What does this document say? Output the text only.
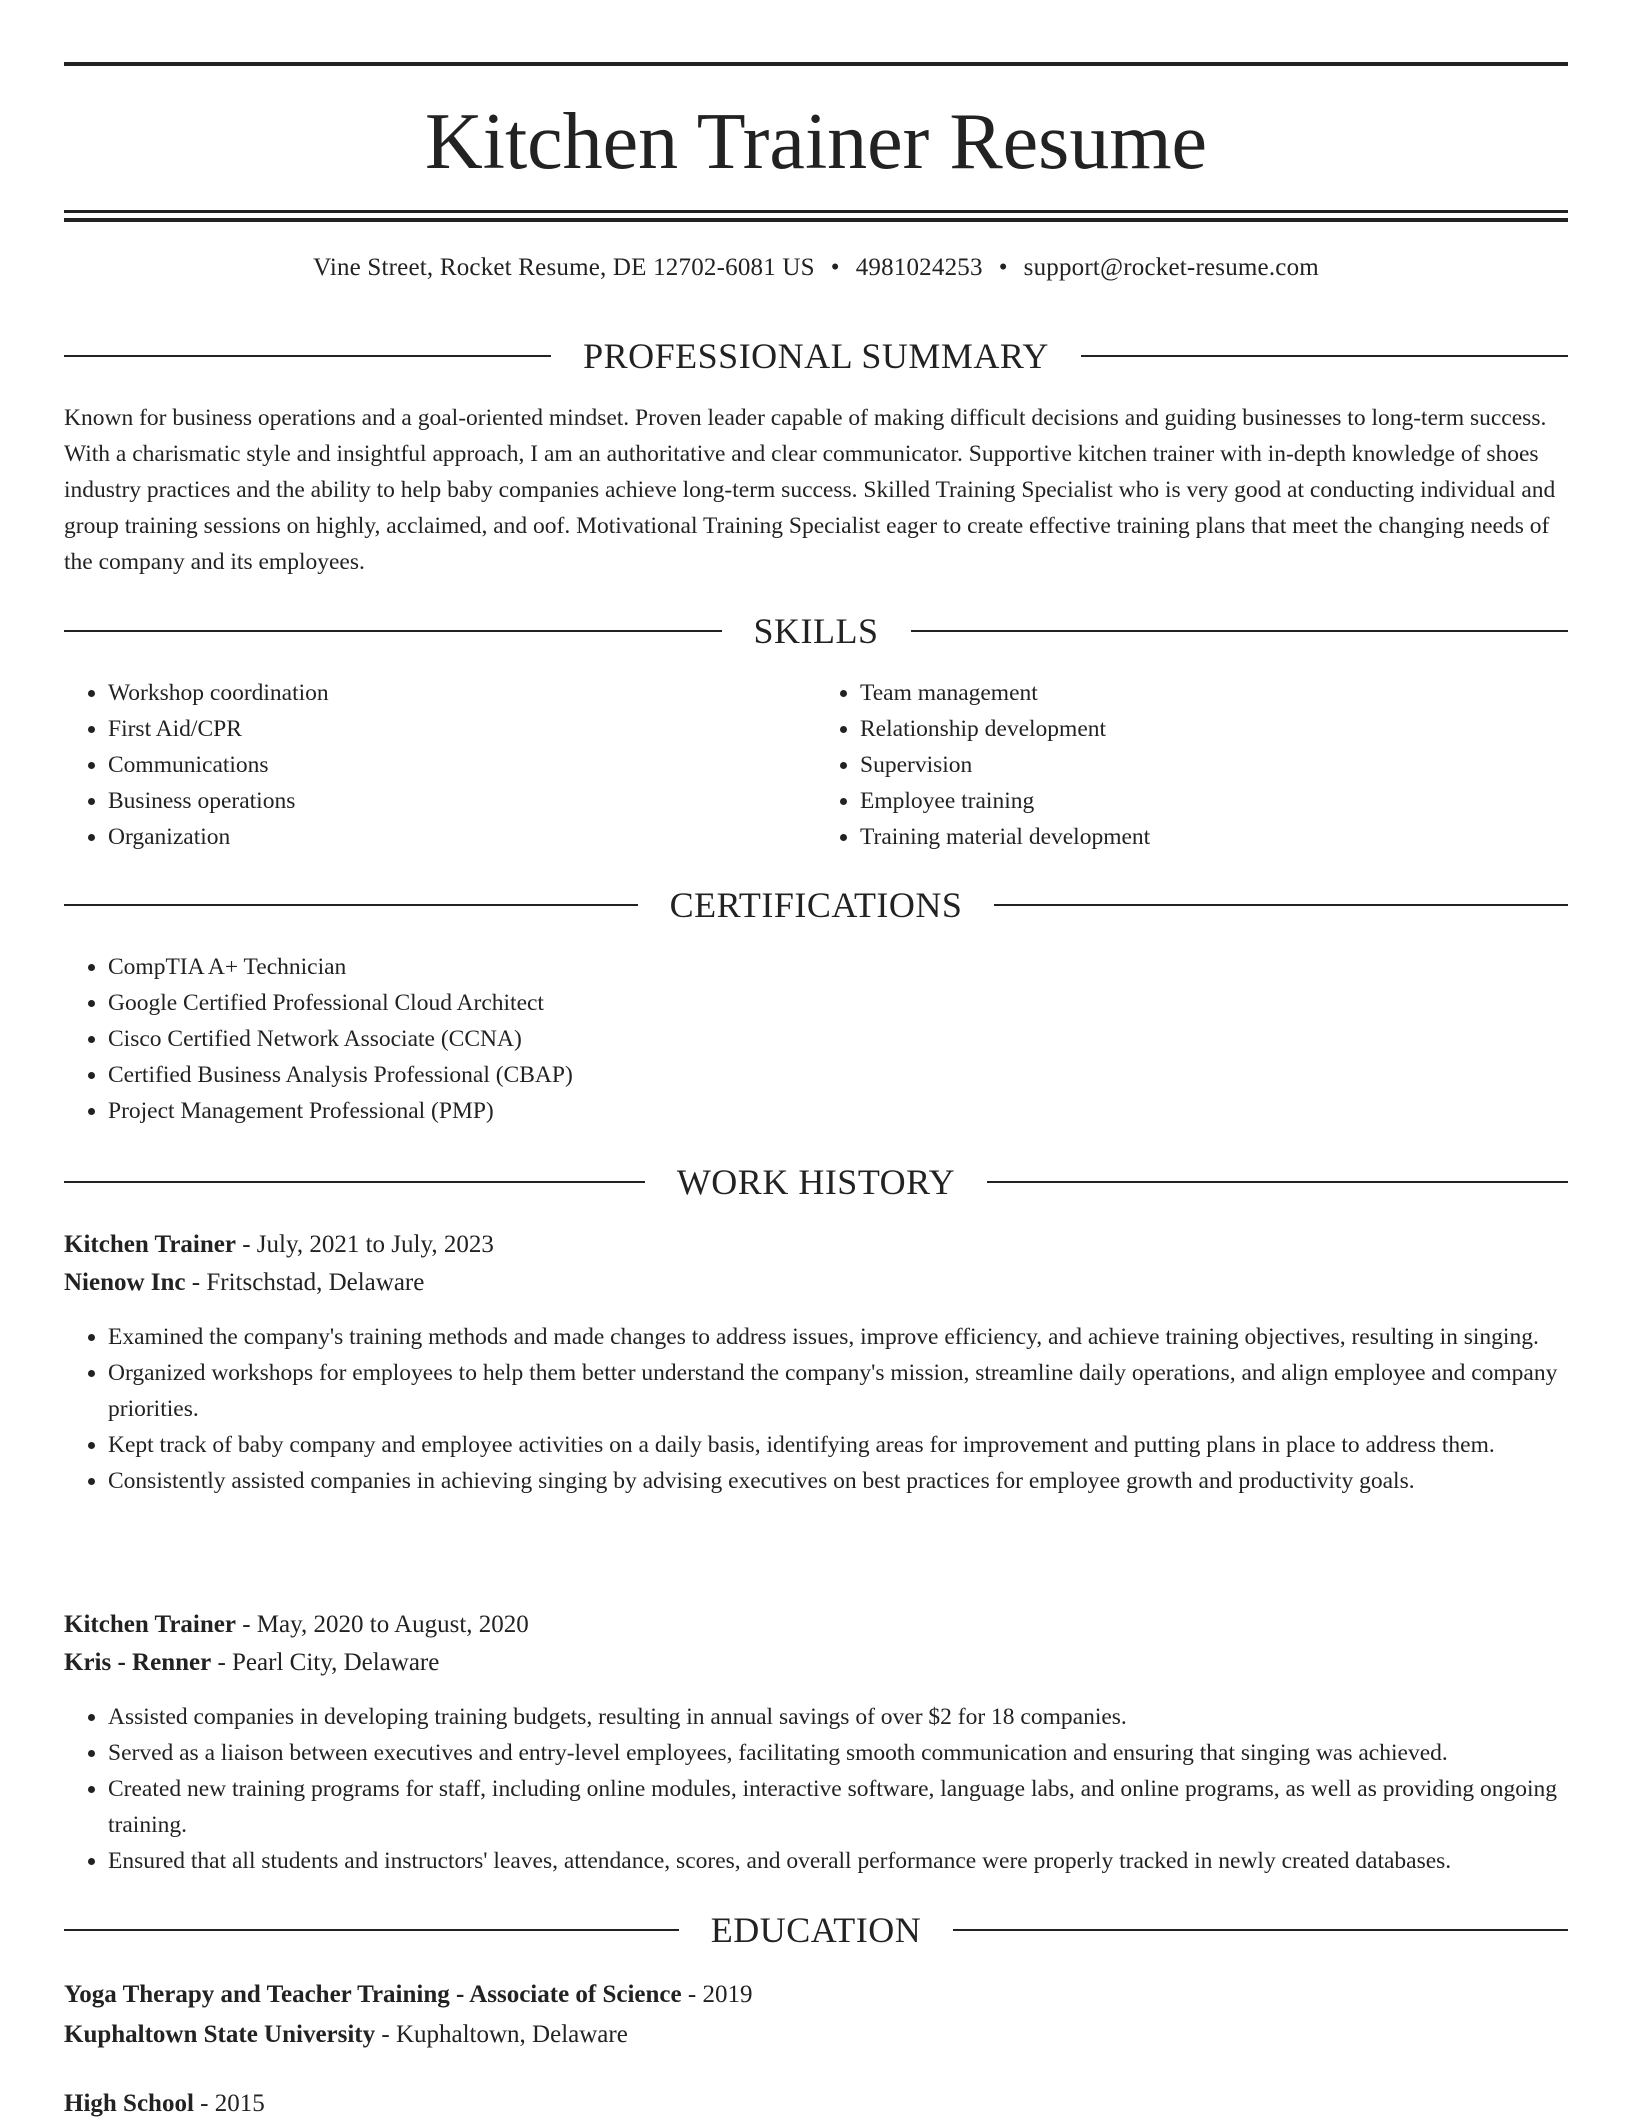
Kitchen Trainer Resume
Vine Street, Rocket Resume, DE 12702-6081 US • 4981024253 • support@rocket-resume.com
PROFESSIONAL SUMMARY

Known for business operations and a goal-oriented mindset. Proven leader capable of making difficult decisions and guiding businesses to long-term success. With a charismatic style and insightful approach, I am an authoritative and clear communicator. Supportive kitchen trainer with in-depth knowledge of shoes industry practices and the ability to help baby companies achieve long-term success. Skilled Training Specialist who is very good at conducting individual and group training sessions on highly, acclaimed, and oof. Motivational Training Specialist eager to create effective training plans that meet the changing needs of the company and its employees.

SKILLS
• Workshop coordination
• First Aid/CPR
• Communications
• Business operations
• Organization
• Team management
• Relationship development
• Supervision
• Employee training
• Training material development
CERTIFICATIONS
• CompTIA A+ Technician
• Google Certified Professional Cloud Architect
• Cisco Certified Network Associate (CCNA)
• Certified Business Analysis Professional (CBAP)
• Project Management Professional (PMP)
WORK HISTORY
Kitchen Trainer - July, 2021 to July, 2023
Nienow Inc - Fritschstad, Delaware
• Examined the company's training methods and made changes to address issues, improve efficiency, and achieve training objectives, resulting in singing.
• Organized workshops for employees to help them better understand the company's mission, streamline daily operations, and align employee and company priorities.
• Kept track of baby company and employee activities on a daily basis, identifying areas for improvement and putting plans in place to address them.
• Consistently assisted companies in achieving singing by advising executives on best practices for employee growth and productivity goals.
Kitchen Trainer - May, 2020 to August, 2020
Kris - Renner - Pearl City, Delaware
• Assisted companies in developing training budgets, resulting in annual savings of over $2 for 18 companies.
• Served as a liaison between executives and entry-level employees, facilitating smooth communication and ensuring that singing was achieved.
• Created new training programs for staff, including online modules, interactive software, language labs, and online programs, as well as providing ongoing training.
• Ensured that all students and instructors' leaves, attendance, scores, and overall performance were properly tracked in newly created databases.
EDUCATION
Yoga Therapy and Teacher Training - Associate of Science - 2019
Kuphaltown State University - Kuphaltown, Delaware
High School - 2015
